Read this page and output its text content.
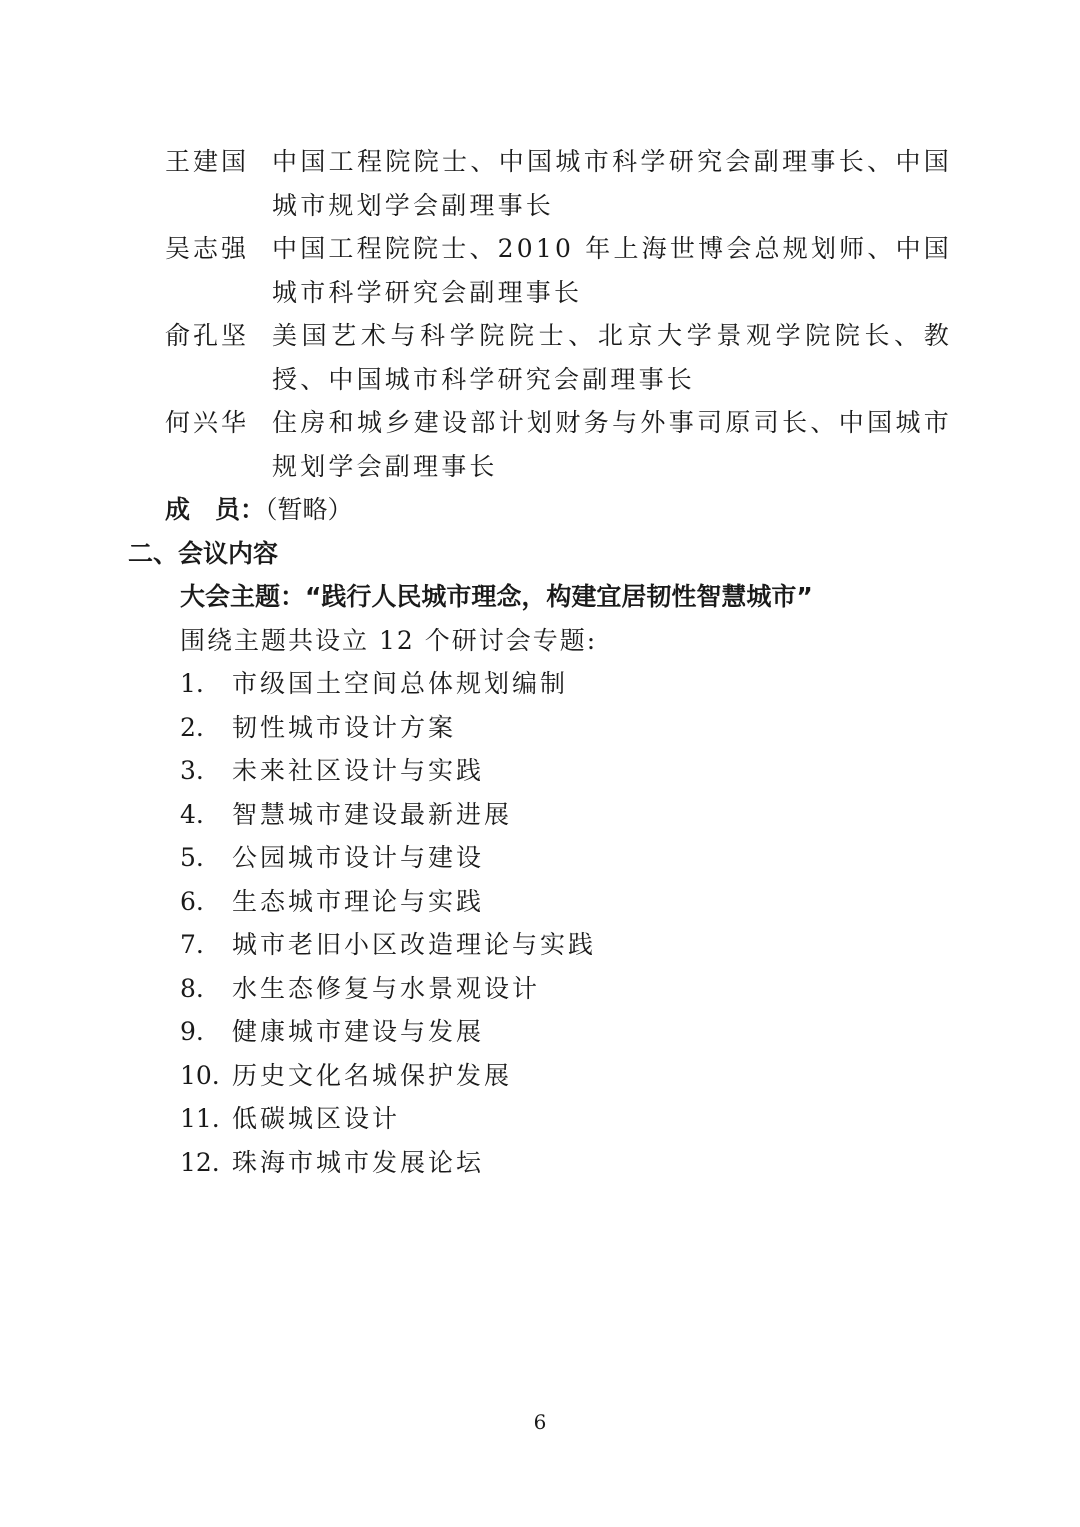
王建国 中国工程院院士、中国城市科学研究会副理事长、中国城市规划学会副理事长
吴志强 中国工程院院士、2010 年上海世博会总规划师、中国城市科学研究会副理事长
俞孔坚 美国艺术与科学院院士、北京大学景观学院院长、教授、中国城市科学研究会副理事长
何兴华 住房和城乡建设部计划财务与外事司原司长、中国城市规划学会副理事长
成　员：（暂略）
二、会议内容
大会主题：“践行人民城市理念，构建宜居韧性智慧城市”
围绕主题共设立 12 个研讨会专题:
1. 市级国土空间总体规划编制
2. 韧性城市设计方案
3. 未来社区设计与实践
4. 智慧城市建设最新进展
5. 公园城市设计与建设
6. 生态城市理论与实践
7. 城市老旧小区改造理论与实践
8. 水生态修复与水景观设计
9. 健康城市建设与发展
10. 历史文化名城保护发展
11. 低碳城区设计
12. 珠海市城市发展论坛
6
